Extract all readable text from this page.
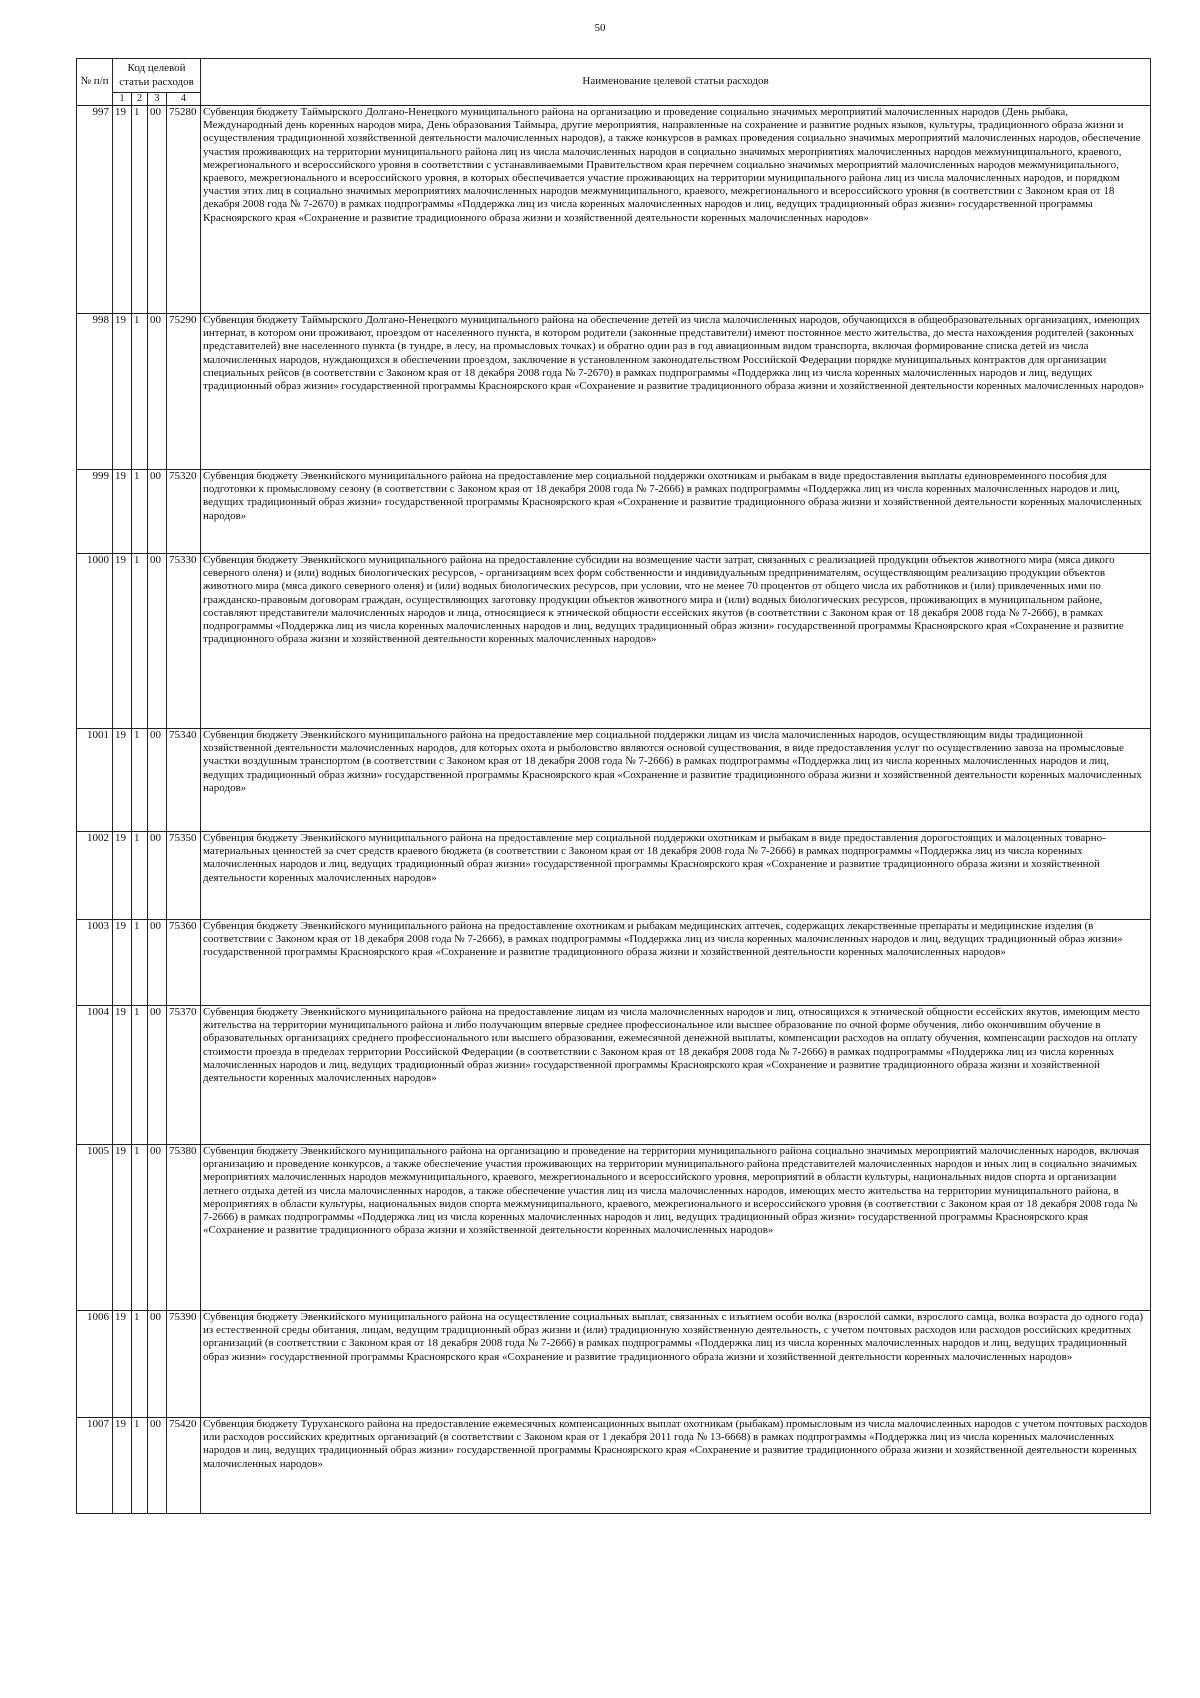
50
№ п/п	Код целевой статьи расходов				Наименование целевой статьи расходов
	1	2	3	4	
997	19	1	00	75280	Субвенция бюджету Таймырского Долгано-Ненецкого муниципального района на организацию и проведение социально значимых мероприятий малочисленных народов (День рыбака, Международный день коренных народов мира, День образования Таймыра, другие мероприятия, направленные на сохранение и развитие родных языков, культуры, традиционного образа жизни и осуществления традиционной хозяйственной деятельности малочисленных народов), а также конкурсов в рамках проведения социально значимых мероприятий малочисленных народов, обеспечение участия проживающих на территории муниципального района лиц из числа малочисленных народов в социально значимых мероприятиях малочисленных народов межмуниципального, краевого, межрегионального и всероссийского уровня в соответствии с устанавливаемыми Правительством края перечнем социально значимых мероприятий малочисленных народов межмуниципального, краевого, межрегионального и всероссийского уровня, в которых обеспечивается участие проживающих на территории муниципального района лиц из числа малочисленных народов, и порядком участия этих лиц в социально значимых мероприятиях малочисленных народов межмуниципального, краевого, межрегионального и всероссийского уровня (в соответствии с Законом края от 18 декабря 2008 года № 7-2670) в рамках подпрограммы «Поддержка лиц из числа коренных малочисленных народов и лиц, ведущих традиционный образ жизни» государственной программы Красноярского края «Сохранение и развитие традиционного образа жизни и хозяйственной деятельности коренных малочисленных народов»
998	19	1	00	75290	Субвенция бюджету Таймырского Долгано-Ненецкого муниципального района на обеспечение детей из числа малочисленных народов, обучающихся в общеобразовательных организациях, имеющих интернат, в котором они проживают, проездом от населенного пункта, в котором родители (законные представители) имеют постоянное место жительства, до места нахождения родителей (законных представителей) вне населенного пункта (в тундре, в лесу, на промысловых точках) и обратно один раз в год авиационным видом транспорта, включая формирование списка детей из числа малочисленных народов, нуждающихся в обеспечении проездом, заключение в установленном законодательством Российской Федерации порядке муниципальных контрактов для организации специальных рейсов (в соответствии с Законом края от 18 декабря 2008 года № 7-2670) в рамках подпрограммы «Поддержка лиц из числа коренных малочисленных народов и лиц, ведущих традиционный образ жизни» государственной программы Красноярского края «Сохранение и развитие традиционного образа жизни и хозяйственной деятельности коренных малочисленных народов»
999	19	1	00	75320	Субвенция бюджету Эвенкийского муниципального района на предоставление мер социальной поддержки охотникам и рыбакам в виде предоставления выплаты единовременного пособия для подготовки к промысловому сезону (в соответствии с Законом края от 18 декабря 2008 года № 7-2666) в рамках подпрограммы «Поддержка лиц из числа коренных малочисленных народов и лиц, ведущих традиционный образ жизни» государственной программы Красноярского края «Сохранение и развитие традиционного образа жизни и хозяйственной деятельности коренных малочисленных народов»
1000	19	1	00	75330	Субвенция бюджету Эвенкийского муниципального района на предоставление субсидии на возмещение части затрат, связанных с реализацией продукции объектов животного мира (мяса дикого северного оленя) и (или) водных биологических ресурсов, - организациям всех форм собственности и индивидуальным предпринимателям, осуществляющим реализацию продукции объектов животного мира (мяса дикого северного оленя) и (или) водных биологических ресурсов, при условии, что не менее 70 процентов от общего числа их работников и (или) привлеченных ими по гражданско-правовым договорам граждан, осуществляющих заготовку продукции объектов животного мира и (или) водных биологических ресурсов, проживающих в муниципальном районе, составляют представители малочисленных народов и лица, относящиеся к этнической общности ессейских якутов (в соответствии с Законом края от 18 декабря 2008 года № 7-2666), в рамках подпрограммы «Поддержка лиц из числа коренных малочисленных народов и лиц, ведущих традиционный образ жизни» государственной программы Красноярского края «Сохранение и развитие традиционного образа жизни и хозяйственной деятельности коренных малочисленных народов»
1001	19	1	00	75340	Субвенция бюджету Эвенкийского муниципального района на предоставление мер социальной поддержки лицам из числа малочисленных народов, осуществляющим виды традиционной хозяйственной деятельности малочисленных народов, для которых охота и рыболовство являются основой существования, в виде предоставления услуг по осуществлению завоза на промысловые участки воздушным транспортом (в соответствии с Законом края от 18 декабря 2008 года № 7-2666) в рамках подпрограммы «Поддержка лиц из числа коренных малочисленных народов и лиц, ведущих традиционный образ жизни» государственной программы Красноярского края «Сохранение и развитие традиционного образа жизни и хозяйственной деятельности коренных малочисленных народов»
1002	19	1	00	75350	Субвенция бюджету Эвенкийского муниципального района на предоставление мер социальной поддержки охотникам и рыбакам в виде предоставления дорогостоящих и малоценных товарно-материальных ценностей за счет средств краевого бюджета (в соответствии с Законом края от 18 декабря 2008 года № 7-2666) в рамках подпрограммы «Поддержка лиц из числа коренных малочисленных народов и лиц, ведущих традиционный образ жизни» государственной программы Красноярского края «Сохранение и развитие традиционного образа жизни и хозяйственной деятельности коренных малочисленных народов»
1003	19	1	00	75360	Субвенция бюджету Эвенкийского муниципального района на предоставление охотникам и рыбакам медицинских аптечек, содержащих лекарственные препараты и медицинские изделия (в соответствии с Законом края от 18 декабря 2008 года № 7-2666), в рамках подпрограммы «Поддержка лиц из числа коренных малочисленных народов и лиц, ведущих традиционный образ жизни» государственной программы Красноярского края «Сохранение и развитие традиционного образа жизни и хозяйственной деятельности коренных малочисленных народов»
1004	19	1	00	75370	Субвенция бюджету Эвенкийского муниципального района на предоставление лицам из числа малочисленных народов и лиц, относящихся к этнической общности ессейских якутов, имеющим место жительства на территории муниципального района и либо получающим впервые среднее профессиональное или высшее образование по очной форме обучения, либо окончившим обучение в образовательных организациях среднего профессионального или высшего образования, ежемесячной денежной выплаты, компенсации расходов на оплату обучения, компенсации расходов на оплату стоимости проезда в пределах территории Российской Федерации (в соответствии с Законом края от 18 декабря 2008 года № 7-2666) в рамках подпрограммы «Поддержка лиц из числа коренных малочисленных народов и лиц, ведущих традиционный образ жизни» государственной программы Красноярского края «Сохранение и развитие традиционного образа жизни и хозяйственной деятельности коренных малочисленных народов»
1005	19	1	00	75380	Субвенция бюджету Эвенкийского муниципального района на организацию и проведение на территории муниципального района социально значимых мероприятий малочисленных народов, включая организацию и проведение конкурсов, а также обеспечение участия проживающих на территории муниципального района представителей малочисленных народов и иных лиц в социально значимых мероприятиях малочисленных народов межмуниципального, краевого, межрегионального и всероссийского уровня, мероприятий в области культуры, национальных видов спорта и организации летнего отдыха детей из числа малочисленных народов, а также обеспечение участия лиц из числа малочисленных народов, имеющих место жительства на территории муниципального района, в мероприятиях в области культуры, национальных видов спорта межмуниципального, краевого, межрегионального и всероссийского уровня (в соответствии с Законом края от 18 декабря 2008 года № 7-2666) в рамках подпрограммы «Поддержка лиц из числа коренных малочисленных народов и лиц, ведущих традиционный образ жизни» государственной программы Красноярского края «Сохранение и развитие традиционного образа жизни и хозяйственной деятельности коренных малочисленных народов»
1006	19	1	00	75390	Субвенция бюджету Эвенкийского муниципального района на осуществление социальных выплат, связанных с изъятием особи волка (взрослой самки, взрослого самца, волка возраста до одного года) из естественной среды обитания, лицам, ведущим традиционный образ жизни и (или) традиционную хозяйственную деятельность, с учетом почтовых расходов или расходов российских кредитных организаций (в соответствии с Законом края от 18 декабря 2008 года № 7-2666) в рамках подпрограммы «Поддержка лиц из числа коренных малочисленных народов и лиц, ведущих традиционный образ жизни» государственной программы Красноярского края «Сохранение и развитие традиционного образа жизни и хозяйственной деятельности коренных малочисленных народов»
1007	19	1	00	75420	Субвенция бюджету Туруханского района на предоставление ежемесячных компенсационных выплат охотникам (рыбакам) промысловым из числа малочисленных народов с учетом почтовых расходов или расходов российских кредитных организаций (в соответствии с Законом края от 1 декабря 2011 года № 13-6668) в рамках подпрограммы «Поддержка лиц из числа коренных малочисленных народов и лиц, ведущих традиционный образ жизни» государственной программы Красноярского края «Сохранение и развитие традиционного образа жизни и хозяйственной деятельности коренных малочисленных народов»
